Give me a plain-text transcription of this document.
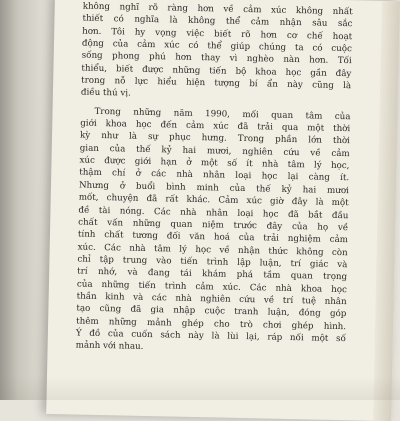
không nghĩ rõ ràng hơn về cảm xúc không nhất
thiết có nghĩa là không thể cảm nhận sâu sắc
hơn. Tôi hy vọng việc biết rõ hơn cơ chế hoạt
động của cảm xúc có thể giúp chúng ta có cuộc
sống phong phú hơn thay vì nghèo nàn hơn. Tối
thiểu, biết được những tiến bộ khoa học gần đây
trong nỗ lực hiểu hiện tượng bí ẩn này cũng là
điều thú vị.
Trong những năm 1990, mối quan tâm của
giới khoa học đến cảm xúc đã trải qua một thời
kỳ như là sự phục hưng. Trong phần lớn thời
gian của thế kỷ hai mươi, nghiên cứu về cảm
xúc được giới hạn ở một số ít nhà tâm lý học,
thậm chí ở các nhà nhân loại học lại càng ít.
Nhưng ở buổi bình minh của thế kỷ hai mươi
mốt, chuyện đã rất khác. Cảm xúc giờ đây là một
đề tài nóng. Các nhà nhân loại học đã bắt đầu
chất vấn những quan niệm trước đây của họ về
tính chất tương đối văn hoá của trải nghiệm cảm
xúc. Các nhà tâm lý học về nhận thức không còn
chỉ tập trung vào tiến trình lập luận, trí giác và
trí nhớ, và đang tái khám phá tầm quan trọng
của những tiến trình cảm xúc. Các nhà khoa học
thần kinh và các nhà nghiên cứu về trí tuệ nhân
tạo cũng đã gia nhập cuộc tranh luận, đóng góp
thêm những mảnh ghép cho trò chơi ghép hình.
Ý đồ của cuốn sách này là lùi lại, ráp nối một số
mảnh với nhau.
